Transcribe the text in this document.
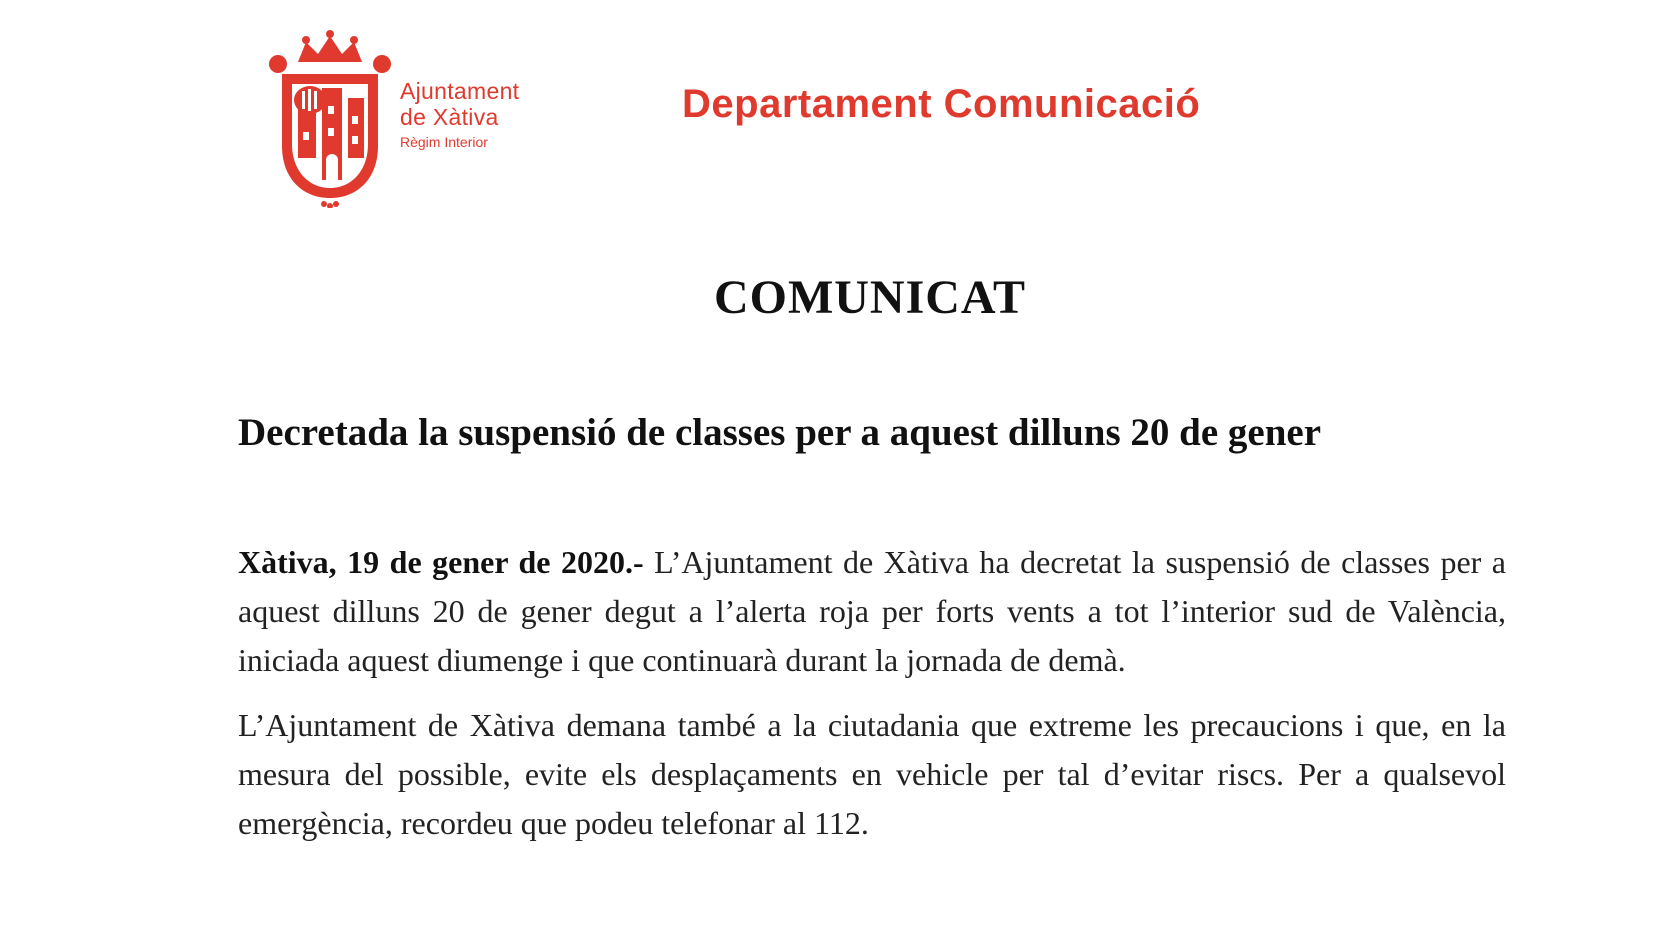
Ajuntament
de Xàtiva
Règim Interior
Departament Comunicació
COMUNICAT
Decretada la suspensió de classes per a aquest dilluns 20 de gener

Xàtiva, 19 de gener de 2020.- L’Ajuntament de Xàtiva ha decretat la suspensió de classes per a aquest dilluns 20 de gener degut a l’alerta roja per forts vents a tot l’interior sud de València, iniciada aquest diumenge i que continuarà durant la jornada de demà.

L’Ajuntament de Xàtiva demana també a la ciutadania que extreme les precaucions i que, en la mesura del possible, evite els desplaçaments en vehicle per tal d’evitar riscs. Per a qualsevol emergència, recordeu que podeu telefonar al 112.
